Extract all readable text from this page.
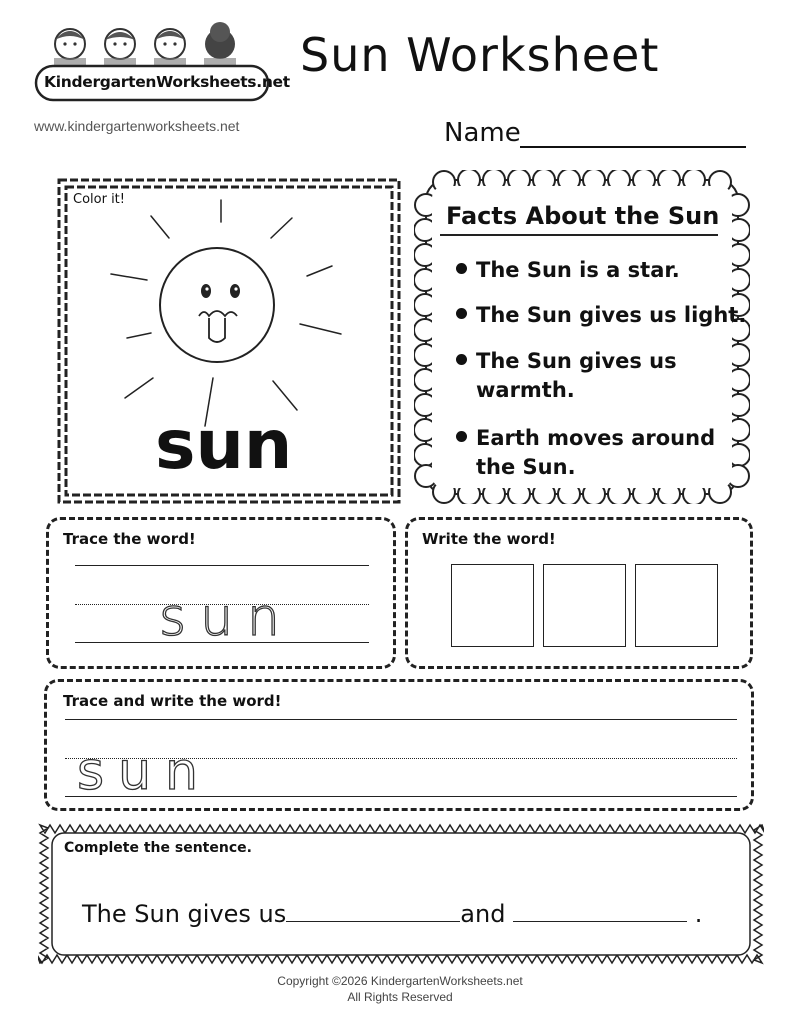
KindergartenWorksheets.net Sun Worksheet
www.kindergartenworksheets.net	Name
Color it!
sun
Facts About the Sun
The Sun is a star.
The Sun gives us light.
The Sun gives us
warmth.
Earth moves around
the Sun.
Trace the word!
sun
Write the word!
Trace and write the word!
sun
Complete the sentence.
The Sun gives us	and	.
Copyright ©2026 KindergartenWorksheets.net
All Rights Reserved
